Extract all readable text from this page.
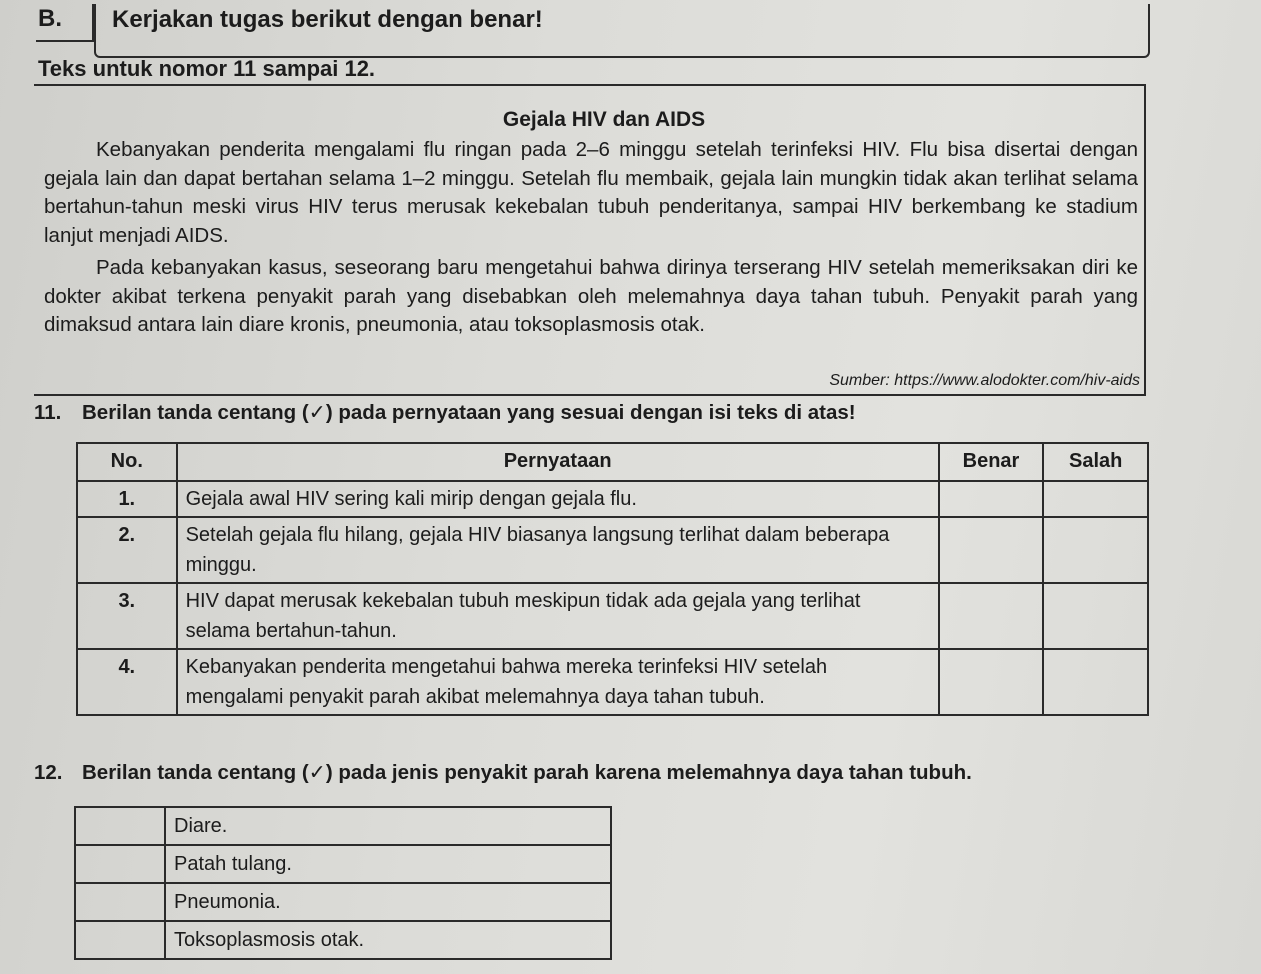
B.	Kerjakan tugas berikut dengan benar!
Teks untuk nomor 11 sampai 12.
Gejala HIV dan AIDS
Kebanyakan penderita mengalami flu ringan pada 2–6 minggu setelah terinfeksi HIV. Flu bisa disertai dengan gejala lain dan dapat bertahan selama 1–2 minggu. Setelah flu membaik, gejala lain mungkin tidak akan terlihat selama bertahun-tahun meski virus HIV terus merusak kekebalan tubuh penderitanya, sampai HIV berkembang ke stadium lanjut menjadi AIDS.
Pada kebanyakan kasus, seseorang baru mengetahui bahwa dirinya terserang HIV setelah memeriksakan diri ke dokter akibat terkena penyakit parah yang disebabkan oleh melemahnya daya tahan tubuh. Penyakit parah yang dimaksud antara lain diare kronis, pneumonia, atau toksoplasmosis otak.
Sumber: https://www.alodokter.com/hiv-aids
11. Berilan tanda centang (✓) pada pernyataan yang sesuai dengan isi teks di atas!
No.	Pernyataan	Benar	Salah
1.	Gejala awal HIV sering kali mirip dengan gejala flu.		
2.	Setelah gejala flu hilang, gejala HIV biasanya langsung terlihat dalam beberapa minggu.		
3.	HIV dapat merusak kekebalan tubuh meskipun tidak ada gejala yang terlihat selama bertahun-tahun.		
4.	Kebanyakan penderita mengetahui bahwa mereka terinfeksi HIV setelah mengalami penyakit parah akibat melemahnya daya tahan tubuh.		
12. Berilan tanda centang (✓) pada jenis penyakit parah karena melemahnya daya tahan tubuh.
	Diare.
	Patah tulang.
	Pneumonia.
	Toksoplasmosis otak.
